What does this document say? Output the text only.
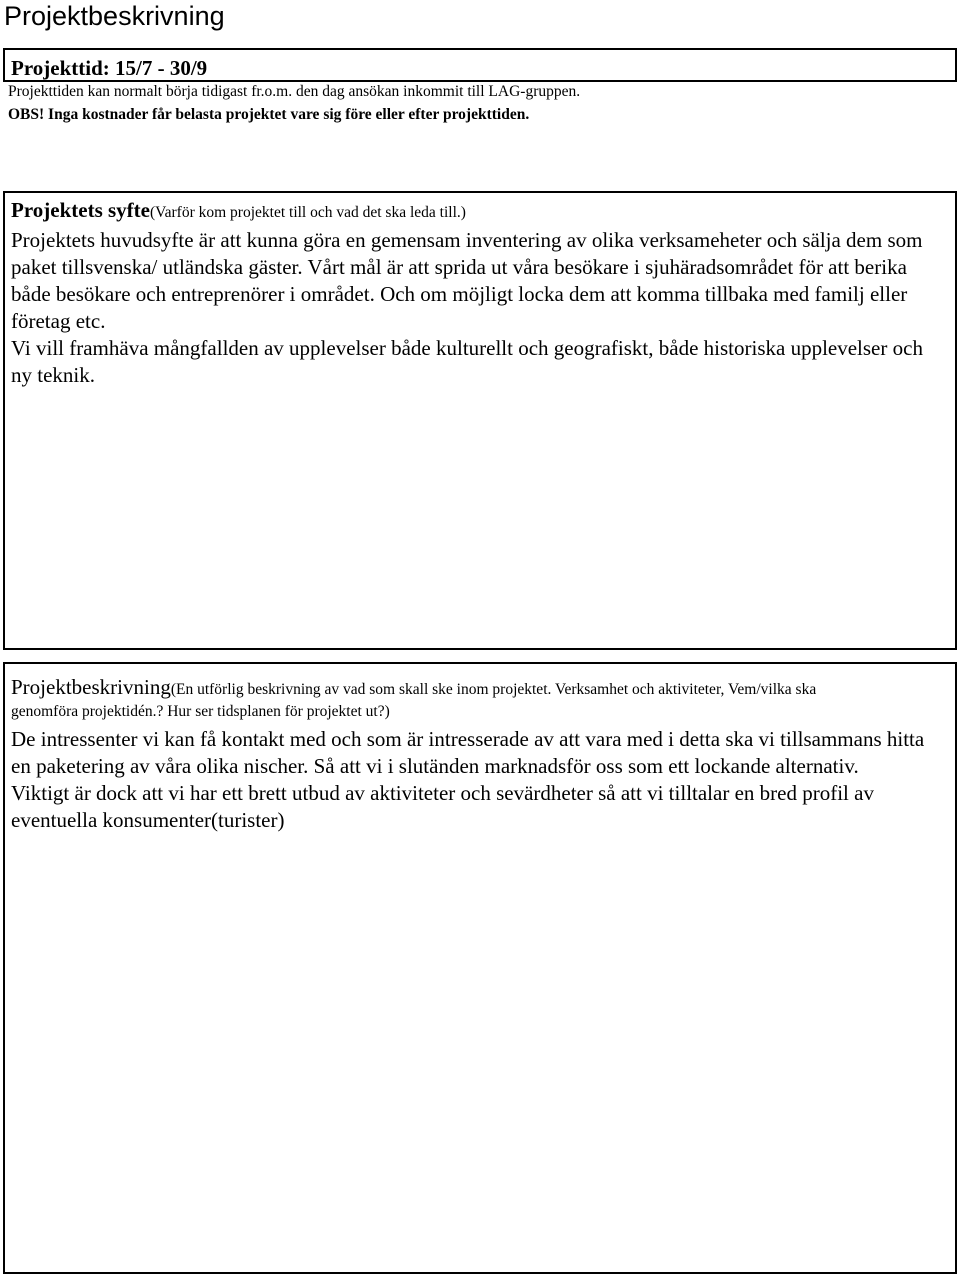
Projektbeskrivning
Projekttid: 15/7 - 30/9
Projekttiden kan normalt börja tidigast fr.o.m. den dag ansökan inkommit till LAG-gruppen.
OBS! Inga kostnader får belasta projektet vare sig före eller efter projekttiden.
Projektets syfte(Varför kom projektet till och vad det ska leda till.)

Projektets huvudsyfte är att kunna göra en gemensam inventering av olika verksameheter och sälja dem som paket tillsvenska/ utländska gäster. Vårt mål är att sprida ut våra besökare i sjuhäradsområdet för att berika både besökare och entreprenörer i området. Och om möjligt locka dem att komma tillbaka med familj eller företag etc.

Vi vill framhäva mångfallden av upplevelser både kulturellt och geografiskt, både historiska upplevelser och ny teknik.

Projektbeskrivning(En utförlig beskrivning av vad som skall ske inom projektet. Verksamhet och aktiviteter, Vem/vilka ska
genomföra projektidén.? Hur ser tidsplanen för projektet ut?)

De intressenter vi kan få kontakt med och som är intresserade av att vara med i detta ska vi tillsammans hitta en paketering av våra olika nischer. Så att vi i slutänden marknadsför oss som ett lockande alternativ.

Viktigt är dock att vi har ett brett utbud av aktiviteter och sevärdheter så att vi tilltalar en bred profil av eventuella konsumenter(turister)
